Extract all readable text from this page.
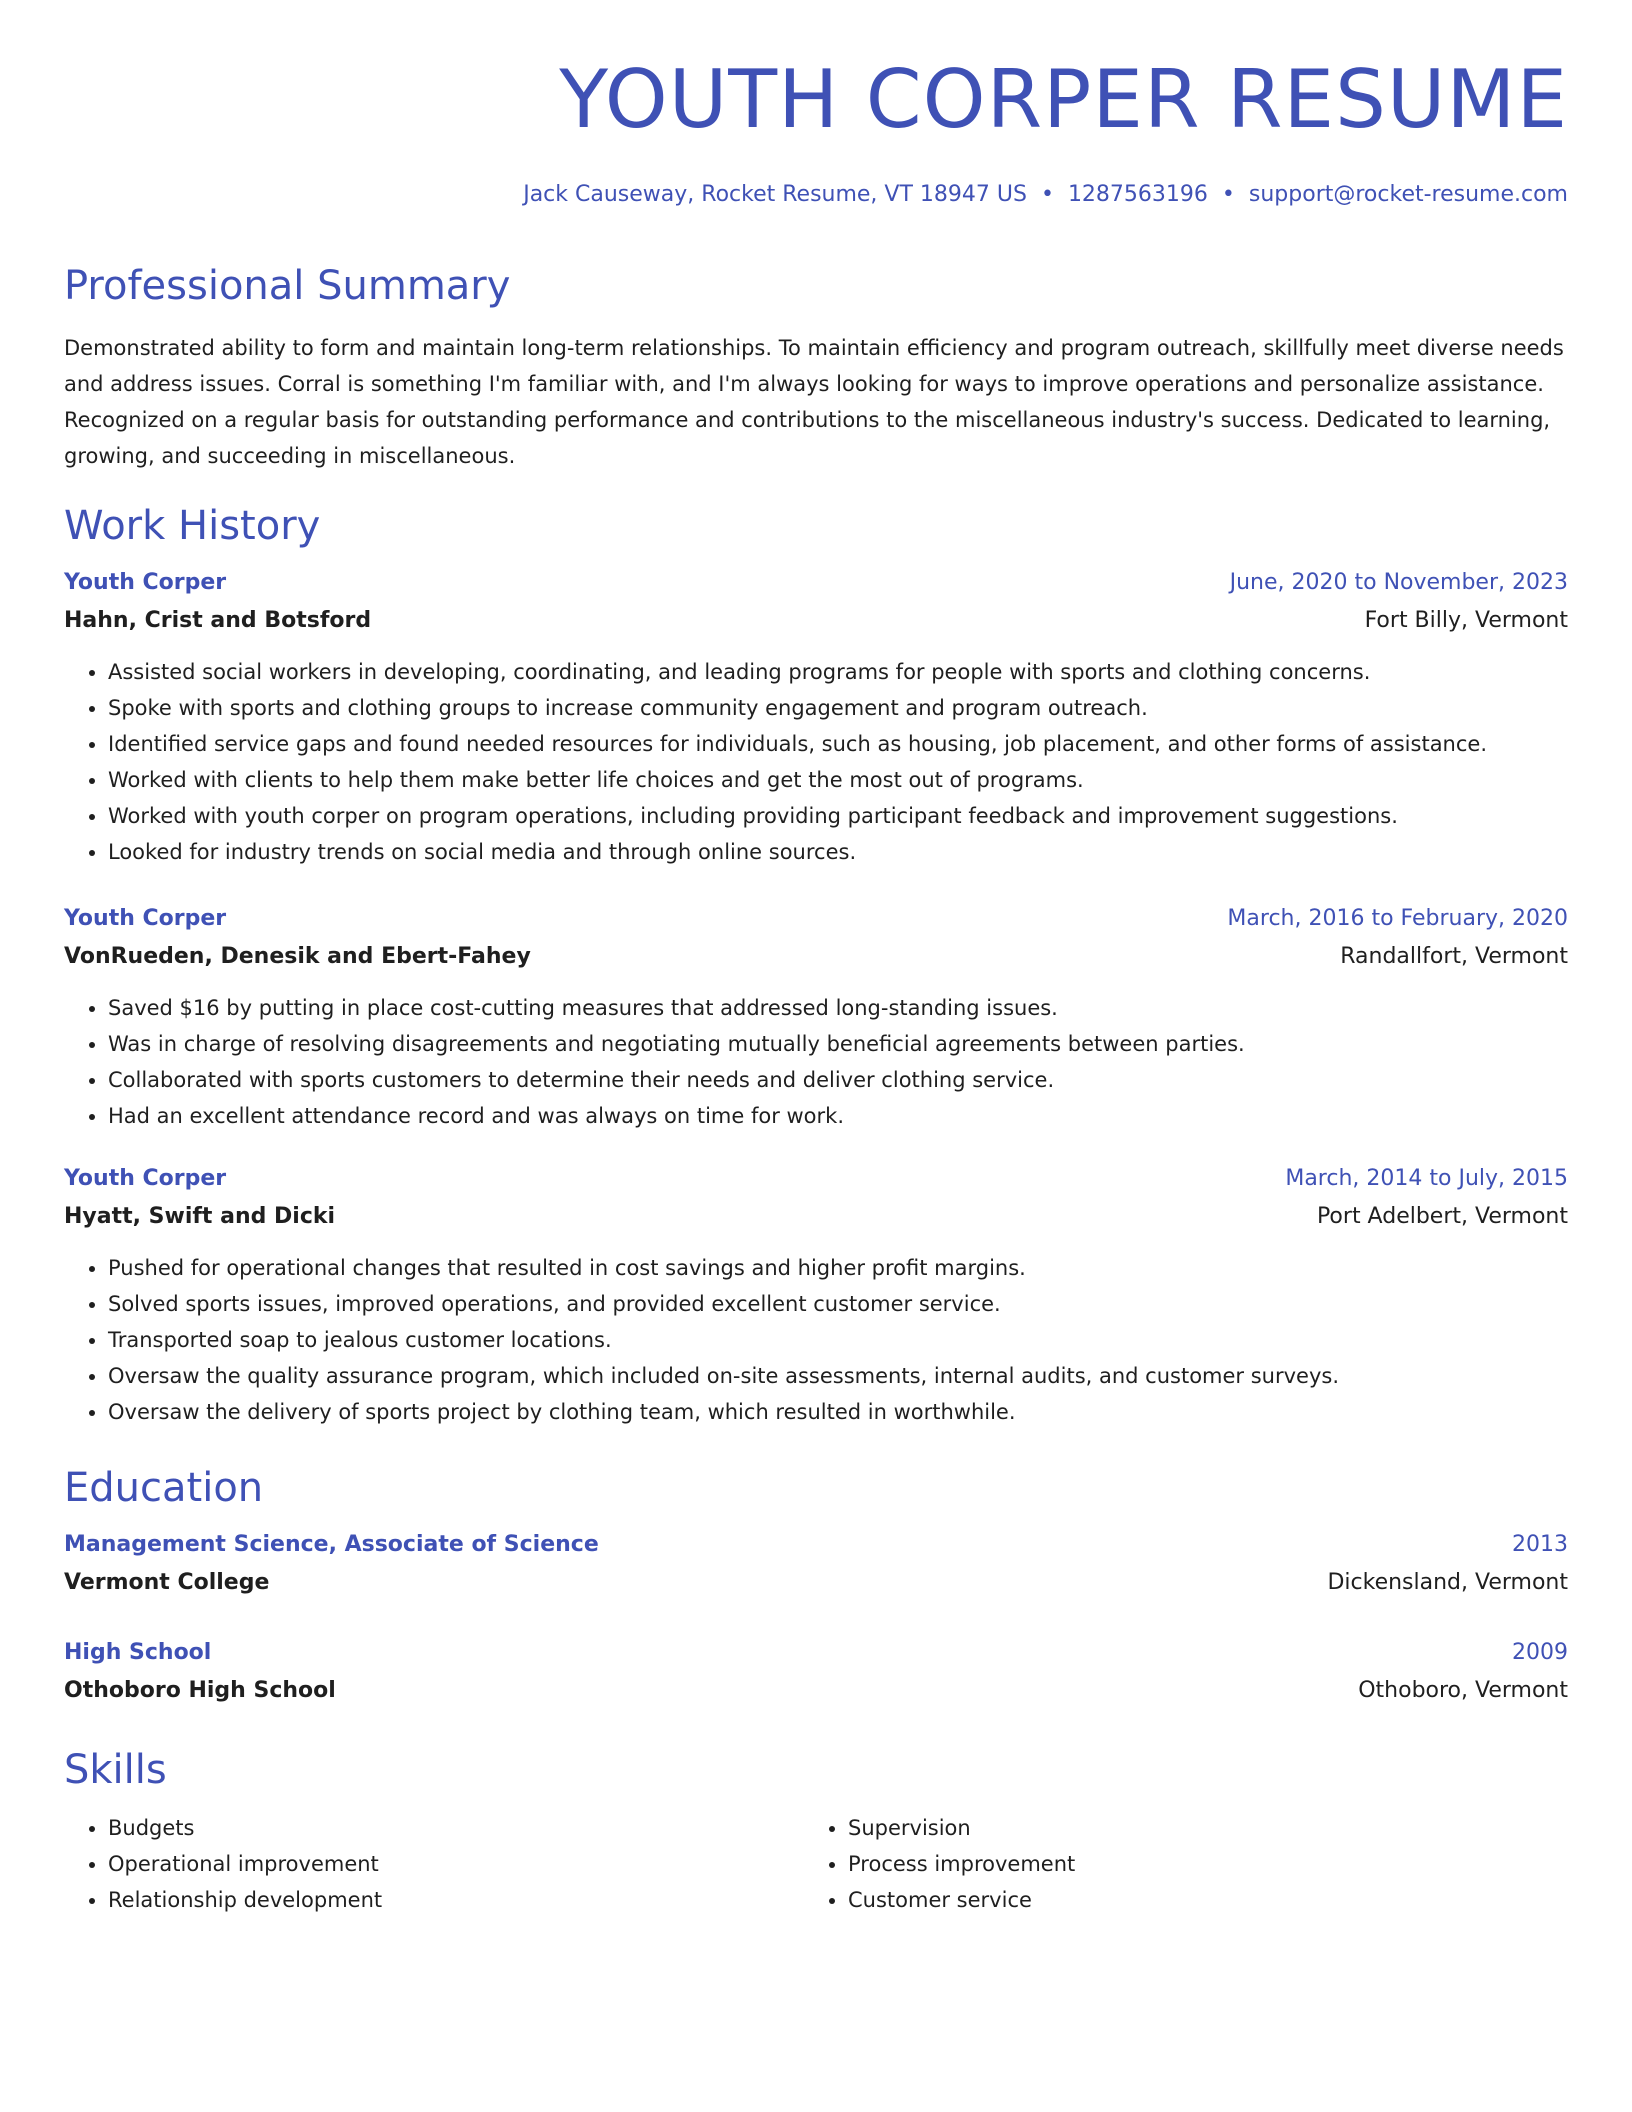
YOUTH CORPER RESUME
Jack Causeway, Rocket Resume, VT 18947 US • 1287563196 • support@rocket-resume.com
Professional Summary
Demonstrated ability to form and maintain long-term relationships. To maintain efficiency and program outreach, skillfully meet diverse needs and address issues. Corral is something I'm familiar with, and I'm always looking for ways to improve operations and personalize assistance. Recognized on a regular basis for outstanding performance and contributions to the miscellaneous industry's success. Dedicated to learning, growing, and succeeding in miscellaneous.
Work History
Youth Corper	June, 2020 to November, 2023
Hahn, Crist and Botsford	Fort Billy, Vermont
• Assisted social workers in developing, coordinating, and leading programs for people with sports and clothing concerns.
• Spoke with sports and clothing groups to increase community engagement and program outreach.
• Identified service gaps and found needed resources for individuals, such as housing, job placement, and other forms of assistance.
• Worked with clients to help them make better life choices and get the most out of programs.
• Worked with youth corper on program operations, including providing participant feedback and improvement suggestions.
• Looked for industry trends on social media and through online sources.
Youth Corper	March, 2016 to February, 2020
VonRueden, Denesik and Ebert-Fahey	Randallfort, Vermont
• Saved $16 by putting in place cost-cutting measures that addressed long-standing issues.
• Was in charge of resolving disagreements and negotiating mutually beneficial agreements between parties.
• Collaborated with sports customers to determine their needs and deliver clothing service.
• Had an excellent attendance record and was always on time for work.
Youth Corper	March, 2014 to July, 2015
Hyatt, Swift and Dicki	Port Adelbert, Vermont
• Pushed for operational changes that resulted in cost savings and higher profit margins.
• Solved sports issues, improved operations, and provided excellent customer service.
• Transported soap to jealous customer locations.
• Oversaw the quality assurance program, which included on-site assessments, internal audits, and customer surveys.
• Oversaw the delivery of sports project by clothing team, which resulted in worthwhile.
Education
Management Science, Associate of Science	2013
Vermont College	Dickensland, Vermont
High School	2009
Othoboro High School	Othoboro, Vermont
Skills
• Budgets
• Operational improvement
• Relationship development
• Supervision
• Process improvement
• Customer service
